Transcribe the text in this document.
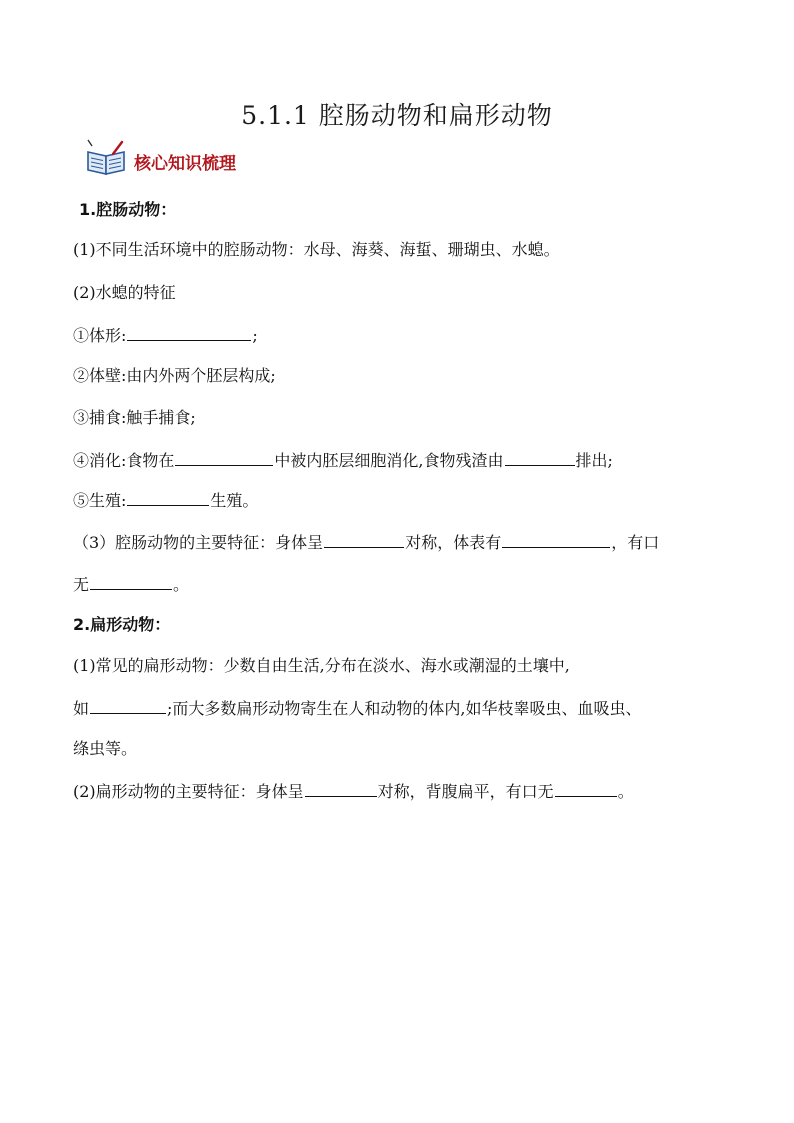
5.1.1 腔肠动物和扁形动物
核心知识梳理
1.腔肠动物：
(1)不同生活环境中的腔肠动物：水母、海葵、海蜇、珊瑚虫、水螅。
(2)水螅的特征
①体形:	;
②体壁:由内外两个胚层构成;
③捕食:触手捕食;
④消化:食物在	中被内胚层细胞消化,食物残渣由	排出;
⑤生殖:	生殖。
（3）腔肠动物的主要特征：身体呈	对称，体表有	，有口
无	。
2.扁形动物：
(1)常见的扁形动物：少数自由生活,分布在淡水、海水或潮湿的土壤中,
如	;而大多数扁形动物寄生在人和动物的体内,如华枝睾吸虫、血吸虫、
绦虫等。
(2)扁形动物的主要特征：身体呈	对称，背腹扁平，有口无	。
